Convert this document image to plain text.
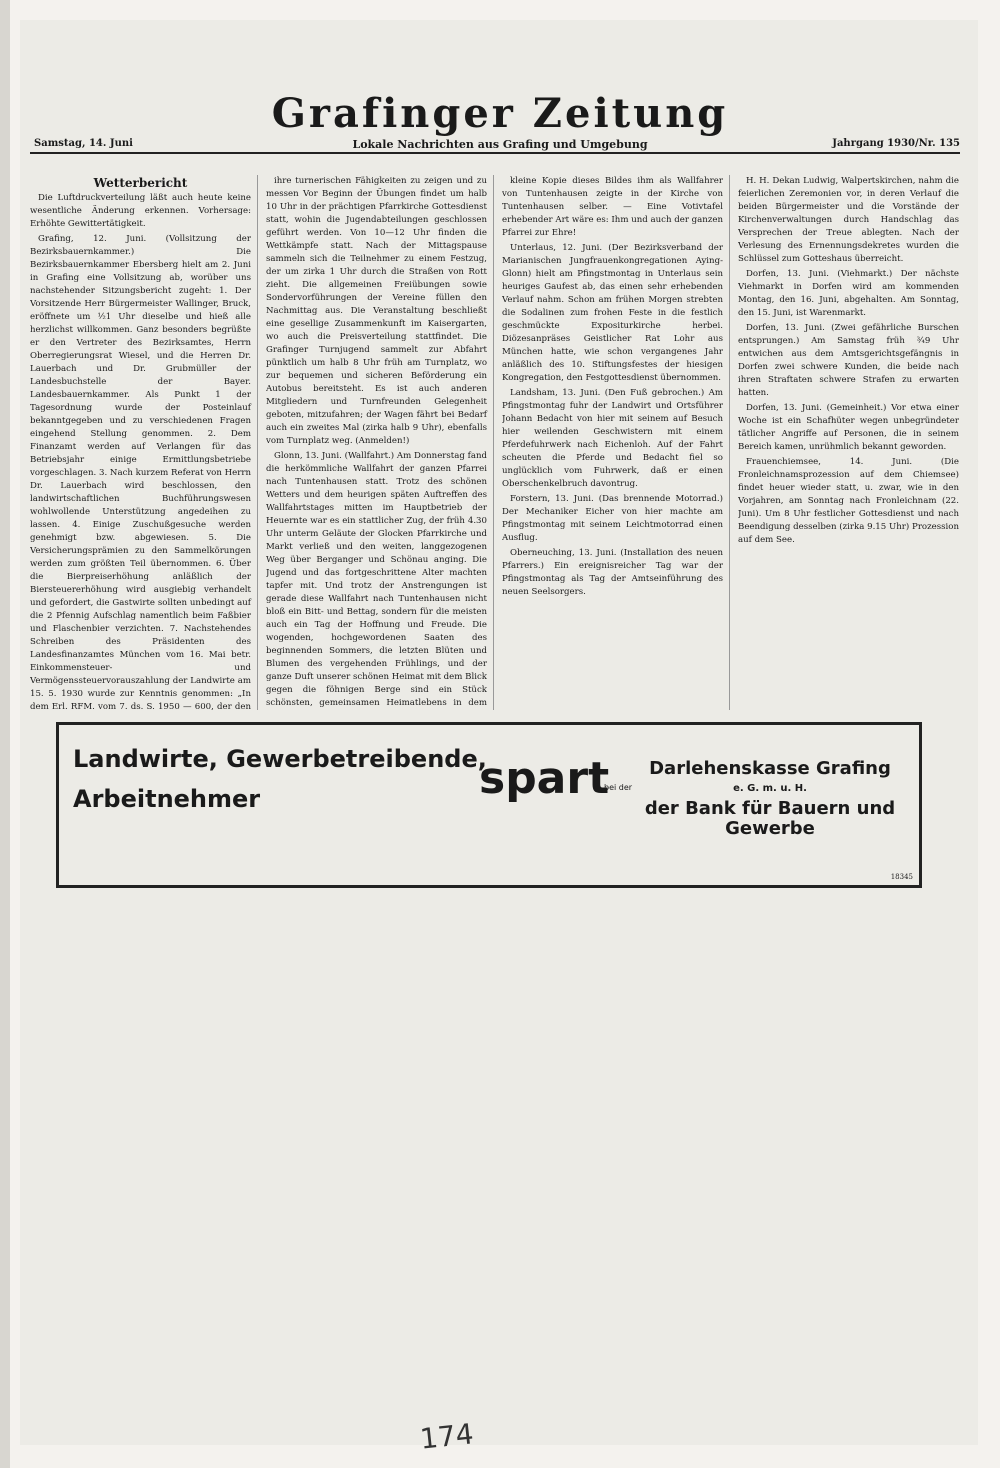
Grafinger Zeitung
Samstag, 14. Juni	Lokale Nachrichten aus Grafing und Umgebung	Jahrgang 1930/Nr. 135
Wetterbericht

Die Luftdruckverteilung läßt auch heute keine wesentliche Änderung erkennen. Vorhersage: Erhöhte Gewittertätigkeit.

Grafing, 12. Juni. (Vollsitzung der Bezirksbauernkammer.) Die Bezirksbauernkammer Ebersberg hielt am 2. Juni in Grafing eine Vollsitzung ab, worüber uns nachstehender Sitzungsbericht zugeht: 1. Der Vorsitzende Herr Bürgermeister Wallinger, Bruck, eröffnete um ½1 Uhr dieselbe und hieß alle herzlichst willkommen. Ganz besonders begrüßte er den Vertreter des Bezirksamtes, Herrn Oberregierungsrat Wiesel, und die Herren Dr. Lauerbach und Dr. Grubmüller der Landesbuchstelle der Bayer. Landesbauernkammer. Als Punkt 1 der Tagesordnung wurde der Posteinlauf bekanntgegeben und zu verschiedenen Fragen eingehend Stellung genommen. 2. Dem Finanzamt werden auf Verlangen für das Betriebsjahr einige Ermittlungsbetriebe vorgeschlagen. 3. Nach kurzem Referat von Herrn Dr. Lauerbach wird beschlossen, den landwirtschaftlichen Buchführungswesen wohlwollende Unterstützung angedeihen zu lassen. 4. Einige Zuschußgesuche werden genehmigt bzw. abgewiesen. 5. Die Versicherungsprämien zu den Sammelkörungen werden zum größten Teil übernommen. 6. Über die Bierpreiserhöhung anläßlich der Biersteuererhöhung wird ausgiebig verhandelt und gefordert, die Gastwirte sollten unbedingt auf die 2 Pfennig Aufschlag namentlich beim Faßbier und Flaschenbier verzichten. 7. Nachstehendes Schreiben des Präsidenten des Landesfinanzamtes München vom 16. Mai betr. Einkommensteuer- und Vermögenssteuervorauszahlung der Landwirte am 15. 5. 1930 wurde zur Kenntnis genommen: „In dem Erl. RFM. vom 7. ds. S. 1950 — 600, der den

ihre turnerischen Fähigkeiten zu zeigen und zu messen Vor Beginn der Übungen findet um halb 10 Uhr in der prächtigen Pfarrkirche Gottesdienst statt, wohin die Jugendabteilungen geschlossen geführt werden. Von 10—12 Uhr finden die Wettkämpfe statt. Nach der Mittagspause sammeln sich die Teilnehmer zu einem Festzug, der um zirka 1 Uhr durch die Straßen von Rott zieht. Die allgemeinen Freiübungen sowie Sondervorführungen der Vereine füllen den Nachmittag aus. Die Veranstaltung beschließt eine gesellige Zusammenkunft im Kaisergarten, wo auch die Preisverteilung stattfindet. Die Grafinger Turnjugend sammelt zur Abfahrt pünktlich um halb 8 Uhr früh am Turnplatz, wo zur bequemen und sicheren Beförderung ein Autobus bereitsteht. Es ist auch anderen Mitgliedern und Turnfreunden Gelegenheit geboten, mitzufahren; der Wagen fährt bei Bedarf auch ein zweites Mal (zirka halb 9 Uhr), ebenfalls vom Turnplatz weg. (Anmelden!)

Glonn, 13. Juni. (Wallfahrt.) Am Donnerstag fand die herkömmliche Wallfahrt der ganzen Pfarrei nach Tuntenhausen statt. Trotz des schönen Wetters und dem heurigen späten Auftreffen des Wallfahrtstages mitten im Hauptbetrieb der Heuernte war es ein stattlicher Zug, der früh 4.30 Uhr unterm Geläute der Glocken Pfarrkirche und Markt verließ und den weiten, langgezogenen Weg über Berganger und Schönau anging. Die Jugend und das fortgeschrittene Alter machten tapfer mit. Und trotz der Anstrengungen ist gerade diese Wallfahrt nach Tuntenhausen nicht bloß ein Bitt- und Bettag, sondern für die meisten auch ein Tag der Hoffnung und Freude. Die wogenden, hochgewordenen Saaten des beginnenden Sommers, die letzten Blüten und Blumen des vergehenden Frühlings, und der ganze Duft unserer schönen Heimat mit dem Blick gegen die föhnigen Berge sind ein Stück schönsten, gemeinsamen Heimatlebens in dem

kleine Kopie dieses Bildes ihm als Wallfahrer von Tuntenhausen zeigte in der Kirche von Tuntenhausen selber. — Eine Votivtafel erhebender Art wäre es: Ihm und auch der ganzen Pfarrei zur Ehre!

Unterlaus, 12. Juni. (Der Bezirksverband der Marianischen Jungfrauenkongregationen Aying-Glonn) hielt am Pfingstmontag in Unterlaus sein heuriges Gaufest ab, das einen sehr erhebenden Verlauf nahm. Schon am frühen Morgen strebten die Sodalinen zum frohen Feste in die festlich geschmückte Expositurkirche herbei. Diözesanpräses Geistlicher Rat Lohr aus München hatte, wie schon vergangenes Jahr anläßlich des 10. Stiftungsfestes der hiesigen Kongregation, den Festgottesdienst übernommen.

Landsham, 13. Juni. (Den Fuß gebrochen.) Am Pfingstmontag fuhr der Landwirt und Ortsführer Johann Bedacht von hier mit seinem auf Besuch hier weilenden Geschwistern mit einem Pferdefuhrwerk nach Eichenloh. Auf der Fahrt scheuten die Pferde und Bedacht fiel so unglücklich vom Fuhrwerk, daß er einen Oberschenkelbruch davontrug.

Forstern, 13. Juni. (Das brennende Motorrad.) Der Mechaniker Eicher von hier machte am Pfingstmontag mit seinem Leichtmotorrad einen Ausflug.

Oberneuching, 13. Juni. (Installation des neuen Pfarrers.) Ein ereignisreicher Tag war der Pfingstmontag als Tag der Amtseinführung des neuen Seelsorgers.

H. H. Dekan Ludwig, Walpertskirchen, nahm die feierlichen Zeremonien vor, in deren Verlauf die beiden Bürgermeister und die Vorstände der Kirchenverwaltungen durch Handschlag das Versprechen der Treue ablegten. Nach der Verlesung des Ernennungsdekretes wurden die Schlüssel zum Gotteshaus überreicht.

Dorfen, 13. Juni. (Viehmarkt.) Der nächste Viehmarkt in Dorfen wird am kommenden Montag, den 16. Juni, abgehalten. Am Sonntag, den 15. Juni, ist Warenmarkt.

Dorfen, 13. Juni. (Zwei gefährliche Burschen entsprungen.) Am Samstag früh ¾9 Uhr entwichen aus dem Amtsgerichtsgefängnis in Dorfen zwei schwere Kunden, die beide nach ihren Straftaten schwere Strafen zu erwarten hatten.

Dorfen, 13. Juni. (Gemeinheit.) Vor etwa einer Woche ist ein Schafhüter wegen unbegründeter tätlicher Angriffe auf Personen, die in seinem Bereich kamen, unrühmlich bekannt geworden.

Frauenchiemsee, 14. Juni. (Die Fronleichnamsprozession auf dem Chiemsee) findet heuer wieder statt, u. zwar, wie in den Vorjahren, am Sonntag nach Fronleichnam (22. Juni). Um 8 Uhr festlicher Gottesdienst und nach Beendigung desselben (zirka 9.15 Uhr) Prozession auf dem See.

Landwirte, Gewerbetreibende,
Arbeitnehmer	spart
bei der
Darlehenskasse Grafing
e. G. m. u. H.
der Bank für Bauern und Gewerbe
18345
174
